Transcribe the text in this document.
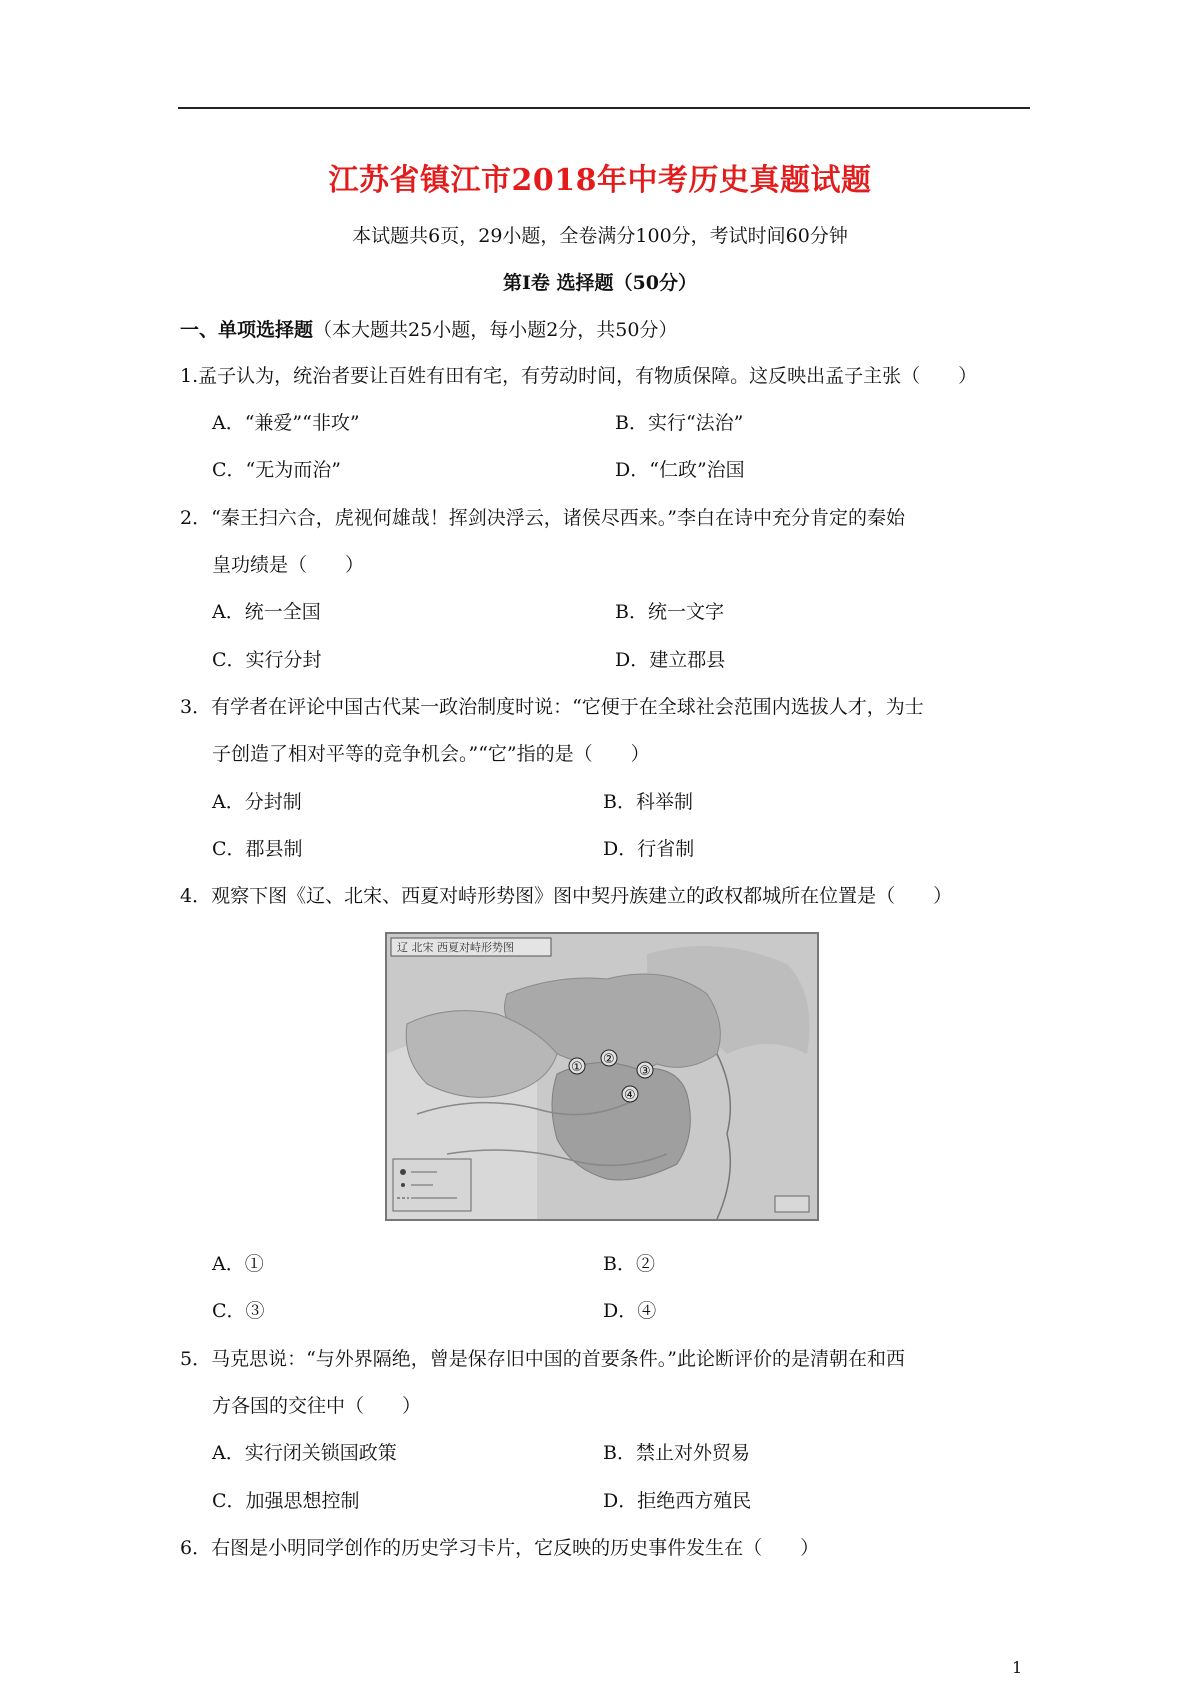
江苏省镇江市2018年中考历史真题试题
本试题共6页，29小题，全卷满分100分，考试时间60分钟
第Ⅰ卷 选择题（50分）
一、单项选择题（本大题共25小题，每小题2分，共50分）
1.孟子认为，统治者要让百姓有田有宅，有劳动时间，有物质保障。这反映出孟子主张（　　）
A．“兼爱”“非攻”	B．实行“法治”
C．“无为而治”	D．“仁政”治国
2．“秦王扫六合，虎视何雄哉！挥剑决浮云，诸侯尽西来。”李白在诗中充分肯定的秦始
皇功绩是（　　）
A．统一全国	B．统一文字
C．实行分封	D．建立郡县
3．有学者在评论中国古代某一政治制度时说：“它便于在全球社会范围内选拔人才，为士
子创造了相对平等的竞争机会。”“它”指的是（　　）
A．分封制	B．科举制
C．郡县制	D．行省制
4．观察下图《辽、北宋、西夏对峙形势图》图中契丹族建立的政权都城所在位置是（　　）
辽 北宋 西夏对峙形势图
①
②
③
④
A．①	B．②
C．③	D．④
5．马克思说：“与外界隔绝，曾是保存旧中国的首要条件。”此论断评价的是清朝在和西
方各国的交往中（　　）
A．实行闭关锁国政策	B．禁止对外贸易
C．加强思想控制	D．拒绝西方殖民
6．右图是小明同学创作的历史学习卡片，它反映的历史事件发生在（　　）
1
